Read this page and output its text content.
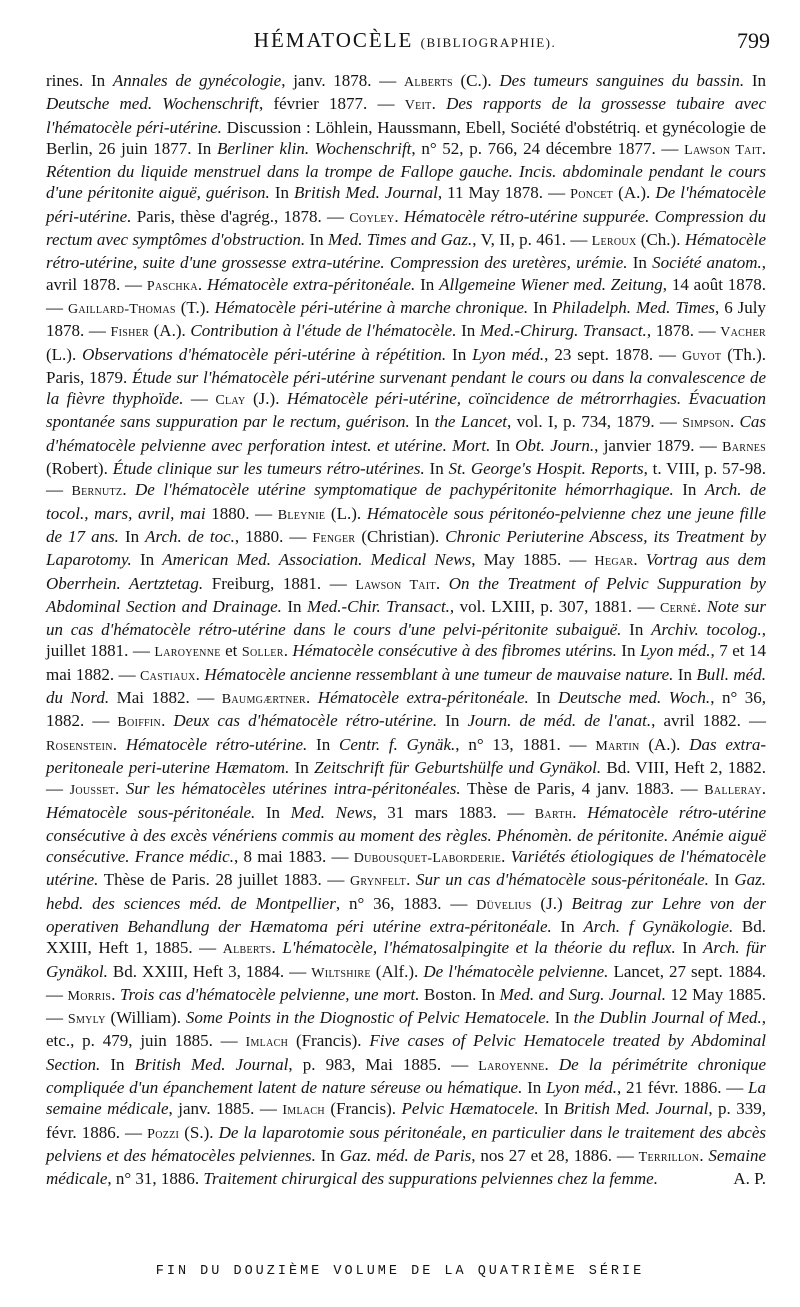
HÉMATOCÈLE (BIBLIOGRAPHIE).	799

rines. In Annales de gynécologie, janv. 1878. — Alberts (C.). Des tumeurs sanguines du bassin. In Deutsche med. Wochenschrift, février 1877. — Veit. Des rapports de la grossesse tubaire avec l'hématocèle péri-utérine. Discussion : Löhlein, Haussmann, Ebell, Société d'obstétriq. et gynécologie de Berlin, 26 juin 1877. In Berliner klin. Wochenschrift, n° 52, p. 766, 24 décembre 1877. — Lawson Tait. Rétention du liquide menstruel dans la trompe de Fallope gauche. Incis. abdominale pendant le cours d'une péritonite aiguë, guérison. In British Med. Journal, 11 May 1878. — Poncet (A.). De l'hématocèle péri-utérine. Paris, thèse d'agrég., 1878. — Coyley. Hématocèle rétro-utérine suppurée. Compression du rectum avec symptômes d'obstruction. In Med. Times and Gaz., V, II, p. 461. — Leroux (Ch.). Hématocèle rétro-utérine, suite d'une grossesse extra-utérine. Compression des uretères, urémie. In Société anatom., avril 1878. — Paschka. Hématocèle extra-péritonéale. In Allgemeine Wiener med. Zeitung, 14 août 1878. — Gaillard-Thomas (T.). Hématocèle péri-utérine à marche chronique. In Philadelph. Med. Times, 6 July 1878. — Fisher (A.). Contribution à l'étude de l'hématocèle. In Med.-Chirurg. Transact., 1878. — Vacher (L.). Observations d'hématocèle péri-utérine à répétition. In Lyon méd., 23 sept. 1878. — Guyot (Th.). Paris, 1879. Étude sur l'hématocèle péri-utérine survenant pendant le cours ou dans la convalescence de la fièvre thyphoïde. — Clay (J.). Hématocèle péri-utérine, coïncidence de métrorrhagies. Évacuation spontanée sans suppuration par le rectum, guérison. In the Lancet, vol. I, p. 734, 1879. — Simpson. Cas d'hématocèle pelvienne avec perforation intest. et utérine. Mort. In Obt. Journ., janvier 1879. — Barnes (Robert). Étude clinique sur les tumeurs rétro-utérines. In St. George's Hospit. Reports, t. VIII, p. 57-98. — Bernutz. De l'hématocèle utérine symptomatique de pachypéritonite hémorrhagique. In Arch. de tocol., mars, avril, mai 1880. — Bleynie (L.). Hématocèle sous péritonéo-pelvienne chez une jeune fille de 17 ans. In Arch. de toc., 1880. — Fenger (Christian). Chronic Periuterine Abscess, its Treatment by Laparotomy. In American Med. Association. Medical News, May 1885. — Hegar. Vortrag aus dem Oberrhein. Aertztetag. Freiburg, 1881. — Lawson Tait. On the Treatment of Pelvic Suppuration by Abdominal Section and Drainage. In Med.-Chir. Transact., vol. LXIII, p. 307, 1881. — Cerné. Note sur un cas d'hématocèle rétro-utérine dans le cours d'une pelvi-péritonite subaiguë. In Archiv. tocolog., juillet 1881. — Laroyenne et Soller. Hématocèle consécutive à des fibromes utérins. In Lyon méd., 7 et 14 mai 1882. — Castiaux. Hématocèle ancienne ressemblant à une tumeur de mauvaise nature. In Bull. méd. du Nord. Mai 1882. — Baumgærtner. Hématocèle extra-péritonéale. In Deutsche med. Woch., n° 36, 1882. — Boiffin. Deux cas d'hématocèle rétro-utérine. In Journ. de méd. de l'anat., avril 1882. — Rosenstein. Hématocèle rétro-utérine. In Centr. f. Gynäk., n° 13, 1881. — Martin (A.). Das extra-peritoneale peri-uterine Hæmatom. In Zeitschrift für Geburtshülfe und Gynäkol. Bd. VIII, Heft 2, 1882. — Jousset. Sur les hématocèles utérines intra-péritonéales. Thèse de Paris, 4 janv. 1883. — Balleray. Hématocèle sous-péritonéale. In Med. News, 31 mars 1883. — Barth. Hématocèle rétro-utérine consécutive à des excès vénériens commis au moment des règles. Phénomèn. de péritonite. Anémie aiguë consécutive. France médic., 8 mai 1883. — Dubousquet-Laborderie. Variétés étiologiques de l'hématocèle utérine. Thèse de Paris. 28 juillet 1883. — Grynfelt. Sur un cas d'hématocèle sous-péritonéale. In Gaz. hebd. des sciences méd. de Montpellier, n° 36, 1883. — Düvelius (J.) Beitrag zur Lehre von der operativen Behandlung der Hæmatoma péri utérine extra-péritonéale. In Arch. f Gynäkologie. Bd. XXIII, Heft 1, 1885. — Alberts. L'hématocèle, l'hématosalpingite et la théorie du reflux. In Arch. für Gynäkol. Bd. XXIII, Heft 3, 1884. — Wiltshire (Alf.). De l'hématocèle pelvienne. Lancet, 27 sept. 1884. — Morris. Trois cas d'hématocèle pelvienne, une mort. Boston. In Med. and Surg. Journal. 12 May 1885. — Smyly (William). Some Points in the Diognostic of Pelvic Hematocele. In the Dublin Journal of Med., etc., p. 479, juin 1885. — Imlach (Francis). Five cases of Pelvic Hematocele treated by Abdominal Section. In British Med. Journal, p. 983, Mai 1885. — Laroyenne. De la périmétrite chronique compliquée d'un épanchement latent de nature séreuse ou hématique. In Lyon méd., 21 févr. 1886. — La semaine médicale, janv. 1885. — Imlach (Francis). Pelvic Hæmatocele. In British Med. Journal, p. 339, févr. 1886. — Pozzi (S.). De la laparotomie sous péritonéale, en particulier dans le traitement des abcès pelviens et des hématocèles pelviennes. In Gaz. méd. de Paris, nos 27 et 28, 1886. — Terrillon. Semaine médicale, n° 31, 1886. Traitement chirurgical des suppurations pelviennes chez la femme.	A. P.

FIN DU DOUZIÈME VOLUME DE LA QUATRIÈME SÉRIE
